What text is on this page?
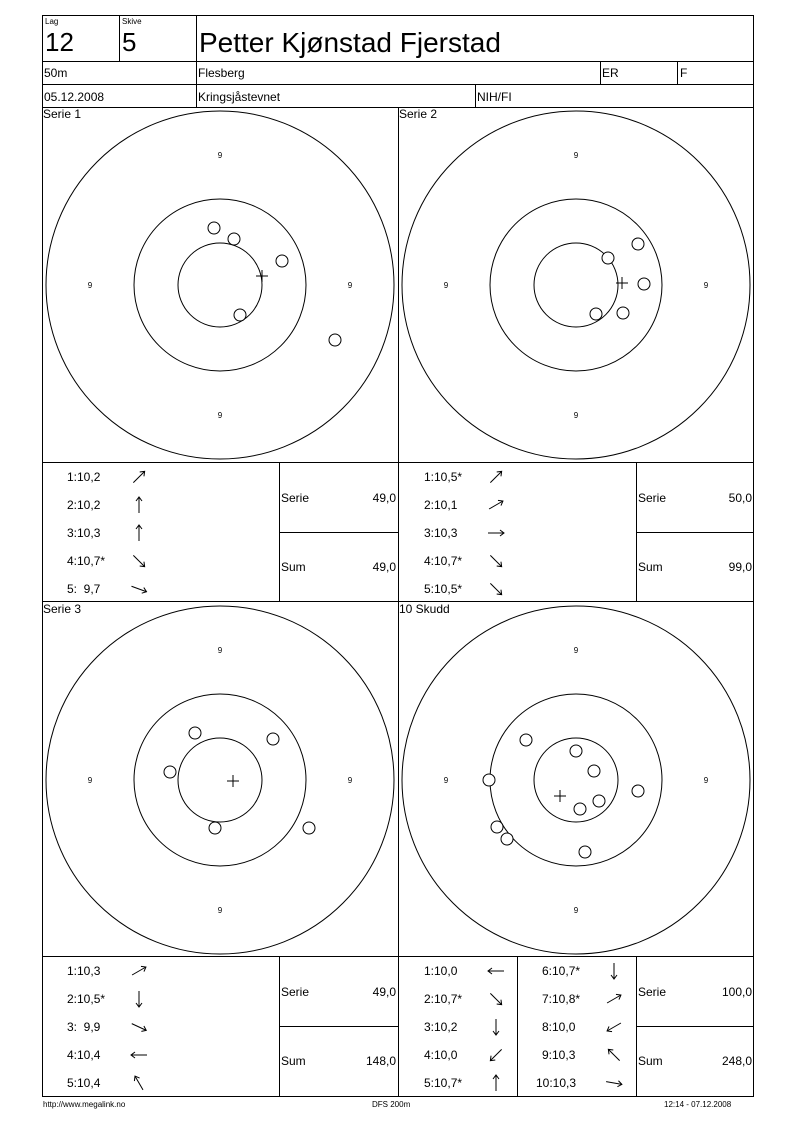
9
9
9	9
9
9
9	9
9
9
9	9
9
9
9	9
Lag
12
Skive
5 Petter Kjønstad Fjerstad
50m	Flesberg	ER	F
05.12.2008	Kringsjåstevnet	NIH/FI
Serie 1	Serie 2
Serie 3	10 Skudd
1:10,2
2:10,2
3:10,3
4:10,7*
5:  9,7
1:10,5*
2:10,1
3:10,3
4:10,7*
5:10,5*
1:10,3
2:10,5*
3:  9,9
4:10,4
5:10,4
1:10,0
2:10,7*
3:10,2
4:10,0
5:10,7*
6:10,7*
7:10,8*
8:10,0
9:10,3
10:10,3
Serie	49,0
Sum	49,0
Serie	50,0
Sum	99,0
Serie	49,0
Sum	148,0
Serie	100,0
Sum	248,0
http://www.megalink.no	DFS 200m	12:14 - 07.12.2008
